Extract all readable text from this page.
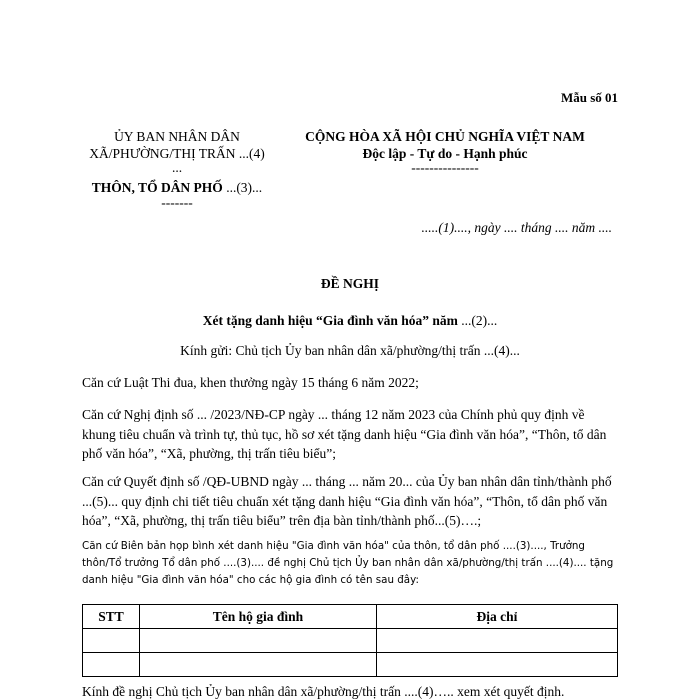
Mẫu số 01
ỦY BAN NHÂN DÂN
XÃ/PHƯỜNG/THỊ TRẤN ...(4)
...
THÔN, TỔ DÂN PHỐ ...(3)...
-------
CỘNG HÒA XÃ HỘI CHỦ NGHĨA VIỆT NAM
Độc lập - Tự do - Hạnh phúc
---------------
.....(1)...., ngày .... tháng .... năm ....
ĐỀ NGHỊ
Xét tặng danh hiệu “Gia đình văn hóa” năm ...(2)...
Kính gửi: Chủ tịch Ủy ban nhân dân xã/phường/thị trấn ...(4)...
Căn cứ Luật Thi đua, khen thưởng ngày 15 tháng 6 năm 2022;
Căn cứ Nghị định số ... /2023/NĐ-CP ngày ... tháng 12 năm 2023 của Chính phủ quy định về khung tiêu chuẩn và trình tự, thủ tục, hồ sơ xét tặng danh hiệu “Gia đình văn hóa”, “Thôn, tổ dân phố văn hóa”, “Xã, phường, thị trấn tiêu biểu”;
Căn cứ Quyết định số /QĐ-UBND ngày ... tháng ... năm 20... của Ủy ban nhân dân tỉnh/thành phố ...(5)... quy định chi tiết tiêu chuẩn xét tặng danh hiệu “Gia đình văn hóa”, “Thôn, tổ dân phố văn hóa”, “Xã, phường, thị trấn tiêu biểu” trên địa bàn tỉnh/thành phố...(5)….;
Căn cứ Biên bản họp bình xét danh hiệu "Gia đình văn hóa" của thôn, tổ dân phố ....(3)...., Trưởng thôn/Tổ trưởng Tổ dân phố ....(3).... đề nghị Chủ tịch Ủy ban nhân dân xã/phường/thị trấn ....(4).... tặng danh hiệu "Gia đình văn hóa" cho các hộ gia đình có tên sau đây:
STT	Tên hộ gia đình	Địa chỉ

Kính đề nghị Chủ tịch Ủy ban nhân dân xã/phường/thị trấn ....(4)….. xem xét quyết định.
